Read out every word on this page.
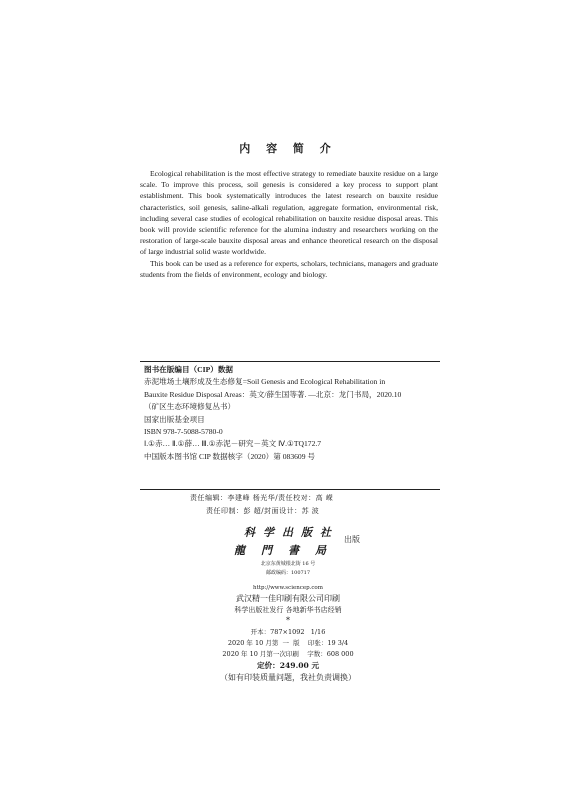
内 容 简 介

Ecological rehabilitation is the most effective strategy to remediate bauxite residue on a large scale. To improve this process, soil genesis is considered a key process to support plant establishment. This book systematically introduces the latest research on bauxite residue characteristics, soil genesis, saline-alkali regulation, aggregate formation, environmental risk, including several case studies of ecological rehabilitation on bauxite residue disposal areas. This book will provide scientific reference for the alumina industry and researchers working on the restoration of large-scale bauxite disposal areas and enhance theoretical research on the disposal of large industrial solid waste worldwide.

This book can be used as a reference for experts, scholars, technicians, managers and graduate students from the fields of environment, ecology and biology.

图书在版编目（CIP）数据
赤泥堆场土壤形成及生态修复=Soil Genesis and Ecological Rehabilitation in
Bauxite Residue Disposal Areas：英文/薛生国等著. —北京：龙门书局，2020.10
（矿区生态环境修复丛书）
国家出版基金项目
ISBN 978-7-5088-5780-0
Ⅰ.①赤… Ⅱ.①薛… Ⅲ.①赤泥－研究－英文 Ⅳ.①TQ172.7
中国版本图书馆 CIP 数据核字（2020）第 083609 号
责任编辑：李建峰 杨光华/责任校对：高 嵘
责任印制：彭 超/封面设计：苏 波
科学出版社
龍門書局
出版
北京东黄城根北街 16 号
邮政编码：100717
http://www.sciencep.com
武汉精一佳印刷有限公司印刷
科学出版社发行 各地新华书店经销
*
开本：787×1092   1/16
2020 年 10 月第  一  版    印张：19 3/4
2020 年 10 月第一次印刷    字数：608 000
定价：249.00 元
（如有印装质量问题，我社负责调换）
